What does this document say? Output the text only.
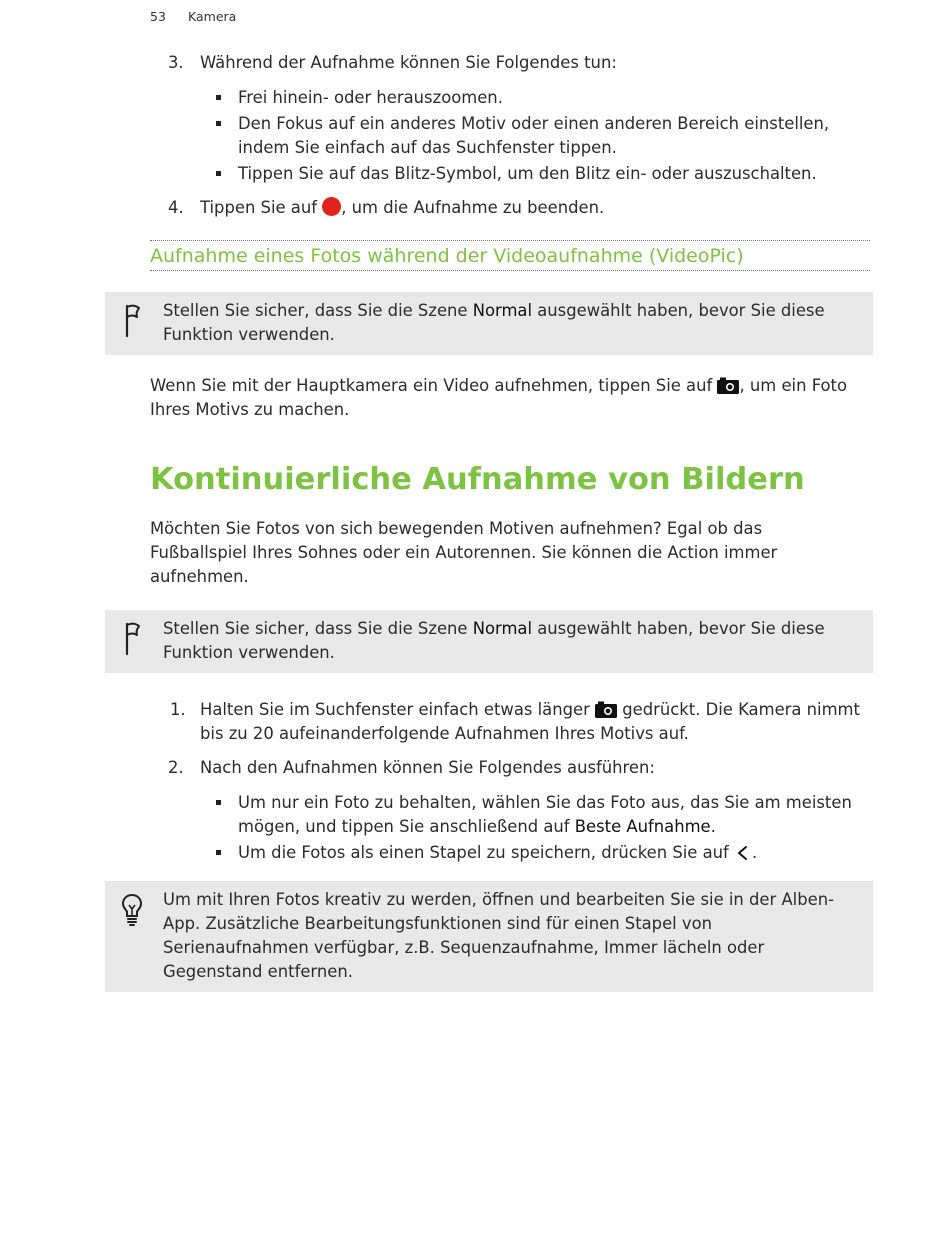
53 Kamera
3. Während der Aufnahme können Sie Folgendes tun:
Frei hinein- oder herauszoomen.
Den Fokus auf ein anderes Motiv oder einen anderen Bereich einstellen,
indem Sie einfach auf das Suchfenster tippen.
Tippen Sie auf das Blitz-Symbol, um den Blitz ein- oder auszuschalten.
4. Tippen Sie auf , um die Aufnahme zu beenden.
Aufnahme eines Fotos während der Videoaufnahme (VideoPic)
Stellen Sie sicher, dass Sie die Szene Normal ausgewählt haben, bevor Sie diese
Funktion verwenden.
Wenn Sie mit der Hauptkamera ein Video aufnehmen, tippen Sie auf , um ein Foto
Ihres Motivs zu machen.
Kontinuierliche Aufnahme von Bildern
Möchten Sie Fotos von sich bewegenden Motiven aufnehmen? Egal ob das
Fußballspiel Ihres Sohnes oder ein Autorennen. Sie können die Action immer
aufnehmen.
Stellen Sie sicher, dass Sie die Szene Normal ausgewählt haben, bevor Sie diese
Funktion verwenden.
1. Halten Sie im Suchfenster einfach etwas länger  gedrückt. Die Kamera nimmt
bis zu 20 aufeinanderfolgende Aufnahmen Ihres Motivs auf.
2. Nach den Aufnahmen können Sie Folgendes ausführen:
Um nur ein Foto zu behalten, wählen Sie das Foto aus, das Sie am meisten
mögen, und tippen Sie anschließend auf Beste Aufnahme.
Um die Fotos als einen Stapel zu speichern, drücken Sie auf .
Um mit Ihren Fotos kreativ zu werden, öffnen und bearbeiten Sie sie in der Alben-
App. Zusätzliche Bearbeitungsfunktionen sind für einen Stapel von
Serienaufnahmen verfügbar, z.B. Sequenzaufnahme, Immer lächeln oder
Gegenstand entfernen.
